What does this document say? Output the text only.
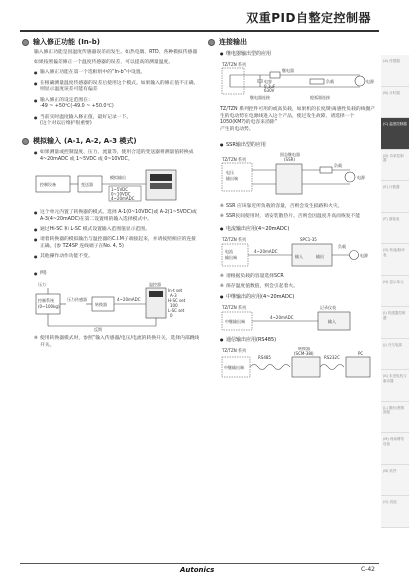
双重PID自整定控制器
(A) 传感器
(B) 计时器
(C) 温度控制器
(D) 功率控制器
(E) 计数器
(F) 面板表
(G) 转速/脉冲表
(H) 显示单元
(I) 传感器控制器
(J) 开关电源
(K) 步进电机与驱动器
(L) 图形/逻辑面板
(M) 现场网络设备
(N) 软件
(O) 其他
输入修正功能 (In-b)
输入修正功能是因温度传感器误差而发生。如热电偶、RTD、各种模拟传感器
如果按照偏差修正一个温度传感器的误差，可以提高的测量温度。
● 输入修正功能在第一个选框组中的“In-b”中设置。
● 在根确测量温度传感器的误差后使用这个模式。如果输入的修正值不正确，则显示温度误差可能有偏差
● 输入修正的设定范围在：
-49 ~ +50℃(-49.0 ~ +50.0℃)
● 当前实时温度输入修正值，最好记录一下。
(这个对以后维护很重要)
模拟输入 (A-1, A-2, A-3 模式)
● 如果测量或控制湿度、压力、流量等，使用合适的变送器将测量值转换成 4~20mADC 或 1~5VDC 或 0~10VDC。
控制设备	变送器
模拟输出
1~5VDC
0~10VDC
4~20mADC
● 这个单元内置了转换器的模式。选择 A-1(0~10VDC)或 A-2(1~5VDC)或 A-3(4~20mADC)在第二设置组的输入选择模式中。
● 通过Hi-SC 和 L-SC 模式设置输入范围值显示范围。
● 请着转换器的模拟输出与温控器的C.I.M子端接起来，并请按照相应的连接正确。(参 TZ4SP 连线端子在No. 4, 5)
● 其他操作动作功能不变。
● 例)
压力
控制系统
(0~100kg)
压力传感器
转换器
4~20mADC
温控器
In-t set
A-3
H-SC set
100
L-SC set
0
反馈
※ 使用转换器模式时，参照“输入传感器/电压/电流的转换开关，选择内部跳线开关。
连接输出
● 继电器输出型的应用
TZ/TZN 系列
继电器
电容
0.1uF
630V
继电器连接
负载
熄弧器连接
电源
TZ/TZN 系列控件可用的或高负载，如果机的长度/距离感性负载的线圈产生的电动势在电源线进入这个产品，使过发生故障，请选择一个1050(KM?)的电容来消除“
产生的电动势。
● SSR输出型的应用
固态继电器
(SSR)
TZ/TZN 系列
电压
输出端
负载
电源
※ SSR 应该靠近所负载的容量，否则会发生损路和火灾。
※ SSR民间使用时，请安装散热片。否则会因温度升高而恢复不能
● 电流输出应用(4~20mADC)
TZ/TZN 系列	SPC1-35
电流
输出端
4~20mADC
输入	输出
负载
电源
※ 请根据负载的容量选择SCR
※ 保存温度值数值，则会引起着火。
● 中继输出的应用(4~20mADC)
TZ/TZN 系列	记录仪表
中继输出端
4~20mADC
输入
● 通信输出应用(RS485)
TZ/TZN 系列	转换器
(SCM-38I)	PC
中继输出端
RS485	RS232C
Autonics	C-42
